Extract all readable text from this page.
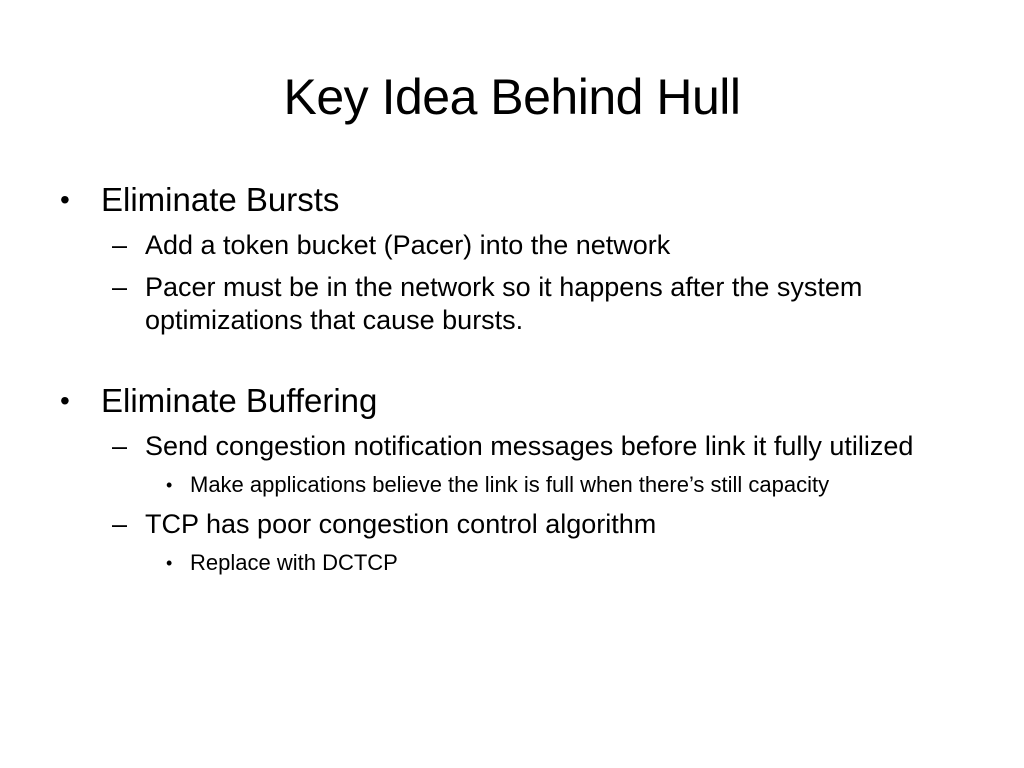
Key Idea Behind Hull
• Eliminate Bursts
– Add a token bucket (Pacer) into the network
– Pacer must be in the network so it happens after the system optimizations that cause bursts.
• Eliminate Buffering
– Send congestion notification messages before link it fully utilized
• Make applications believe the link is full when there’s still capacity
– TCP has poor congestion control algorithm
• Replace with DCTCP
